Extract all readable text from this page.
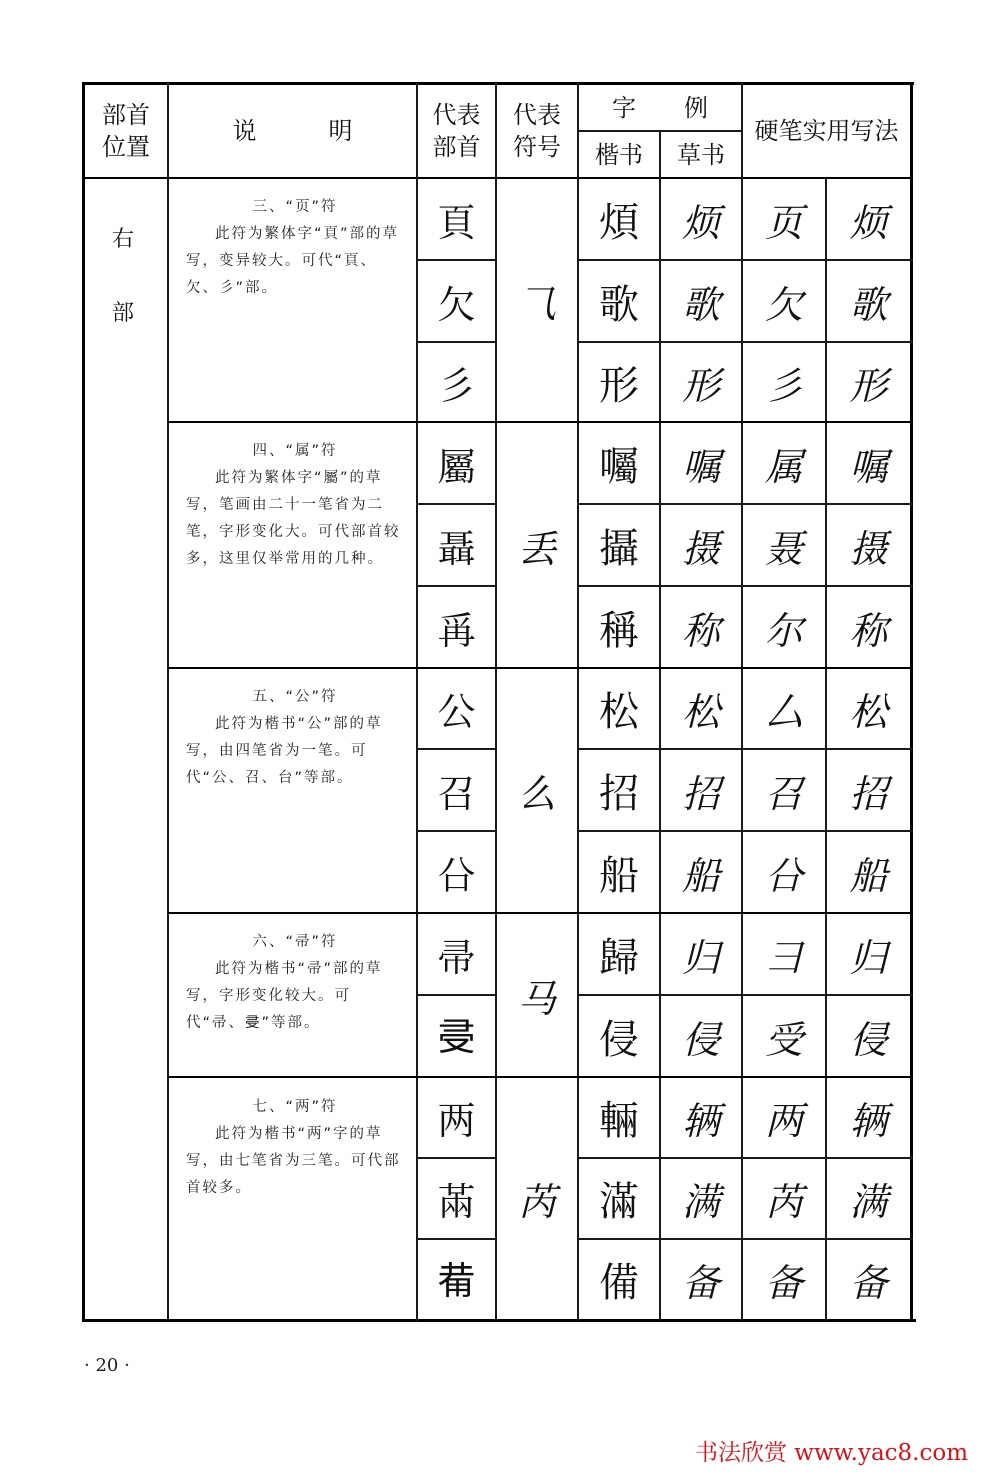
部首
位置
说　　　明
代表
部首
代表
符号
字　　例
楷书	草书
硬笔实用写法
右
部
三、“页”符
此符为繁体字“頁”部的草写，变异较大。可代“頁、欠、彡”部。	⺄
頁	煩	烦	页	烦
欠	歌	歌	欠	歌
彡	形	形	彡	形
四、“属”符
此符为繁体字“屬”的草写，笔画由二十一笔省为二笔，字形变化大。可代部首较多，这里仅举常用的几种。	丢
屬	囑	嘱	属	嘱
聶	攝	摄	聂	摄
爯	稱	称	尔	称
五、“公”符
此符为楷书“公”部的草写，由四笔省为一笔。可代“公、召、台”等部。	么
公	松	松	厶	松
召	招	招	召	招
㕣	船	船	㕣	船
六、“帚”符
此符为楷书“帚”部的草写，字形变化较大。可代“帚、𠬶”等部。
马
帚	歸	归	彐	归
𠬶	侵	侵	受	侵
七、“两”符
此符为楷书“两”字的草写，由七笔省为三笔。可代部首较多。	芮
两	輛	辆	两	辆
㒼	滿	满	芮	满
𤰇	備	备	备	备
· 20 ·
书法欣赏 www.yac8.com
